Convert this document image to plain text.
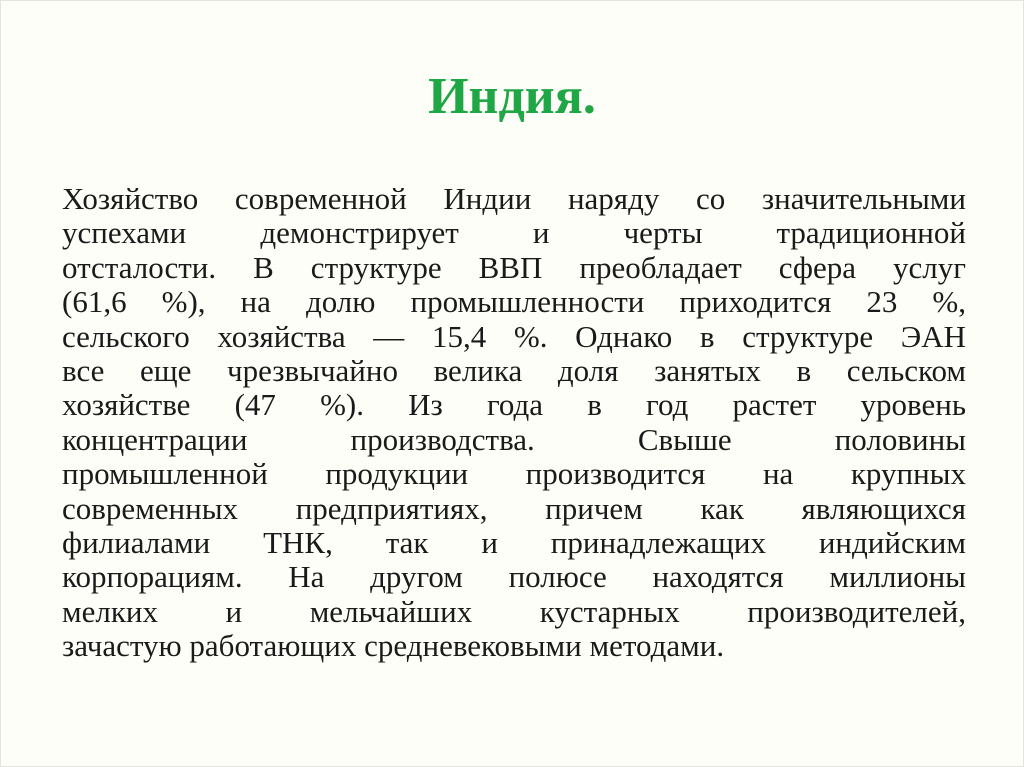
Индия.
Хозяйство современной Индии наряду со значительными
успехами демонстрирует и черты традиционной
отсталости. В структуре ВВП преобладает сфера услуг
(61,6 %), на долю промышленности приходится 23 %,
сельского хозяйства — 15,4 %. Однако в структуре ЭАН
все еще чрезвычайно велика доля занятых в сельском
хозяйстве (47 %). Из года в год растет уровень
концентрации производства. Свыше половины
промышленной продукции производится на крупных
современных предприятиях, причем как являющихся
филиалами ТНК, так и принадлежащих индийским
корпорациям. На другом полюсе находятся миллионы
мелких и мельчайших кустарных производителей,
зачастую работающих средневековыми методами.
